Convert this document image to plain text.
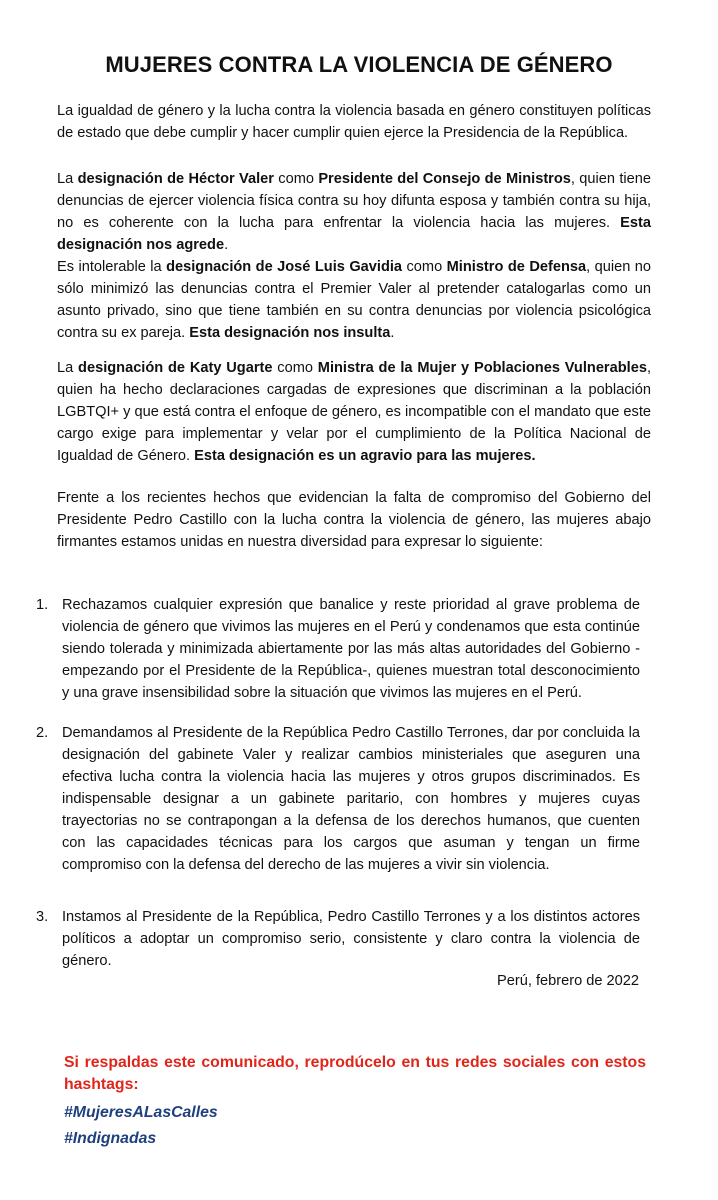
MUJERES CONTRA LA VIOLENCIA DE GÉNERO

La igualdad de género y la lucha contra la violencia basada en género constituyen políticas de estado que debe cumplir y hacer cumplir quien ejerce la Presidencia de la República.

La designación de Héctor Valer como Presidente del Consejo de Ministros, quien tiene denuncias de ejercer violencia física contra su hoy difunta esposa y también contra su hija, no es coherente con la lucha para enfrentar la violencia hacia las mujeres. Esta designación nos agrede.

Es intolerable la designación de José Luis Gavidia como Ministro de Defensa, quien no sólo minimizó las denuncias contra el Premier Valer al pretender catalogarlas como un asunto privado, sino que tiene también en su contra denuncias por violencia psicológica contra su ex pareja. Esta designación nos insulta.

La designación de Katy Ugarte como Ministra de la Mujer y Poblaciones Vulnerables, quien ha hecho declaraciones cargadas de expresiones que discriminan a la población LGBTQI+ y que está contra el enfoque de género, es incompatible con el mandato que este cargo exige para implementar y velar por el cumplimiento de la Política Nacional de Igualdad de Género. Esta designación es un agravio para las mujeres.

Frente a los recientes hechos que evidencian la falta de compromiso del Gobierno del Presidente Pedro Castillo con la lucha contra la violencia de género, las mujeres abajo firmantes estamos unidas en nuestra diversidad para expresar lo siguiente:

1. Rechazamos cualquier expresión que banalice y reste prioridad al grave problema de violencia de género que vivimos las mujeres en el Perú y condenamos que esta continúe siendo tolerada y minimizada abiertamente por las más altas autoridades del Gobierno - empezando por el Presidente de la República-, quienes muestran total desconocimiento y una grave insensibilidad sobre la situación que vivimos las mujeres en el Perú.

2. Demandamos al Presidente de la República Pedro Castillo Terrones, dar por concluida la designación del gabinete Valer y realizar cambios ministeriales que aseguren una efectiva lucha contra la violencia hacia las mujeres y otros grupos discriminados. Es indispensable designar a un gabinete paritario, con hombres y mujeres cuyas trayectorias no se contrapongan a la defensa de los derechos humanos, que cuenten con las capacidades técnicas para los cargos que asuman y tengan un firme compromiso con la defensa del derecho de las mujeres a vivir sin violencia.

3. Instamos al Presidente de la República, Pedro Castillo Terrones y a los distintos actores políticos a adoptar un compromiso serio, consistente y claro contra la violencia de género.

Perú, febrero de 2022

Si respaldas este comunicado, reprodúcelo en tus redes sociales con estos hashtags:

#MujeresALasCalles
#Indignadas
